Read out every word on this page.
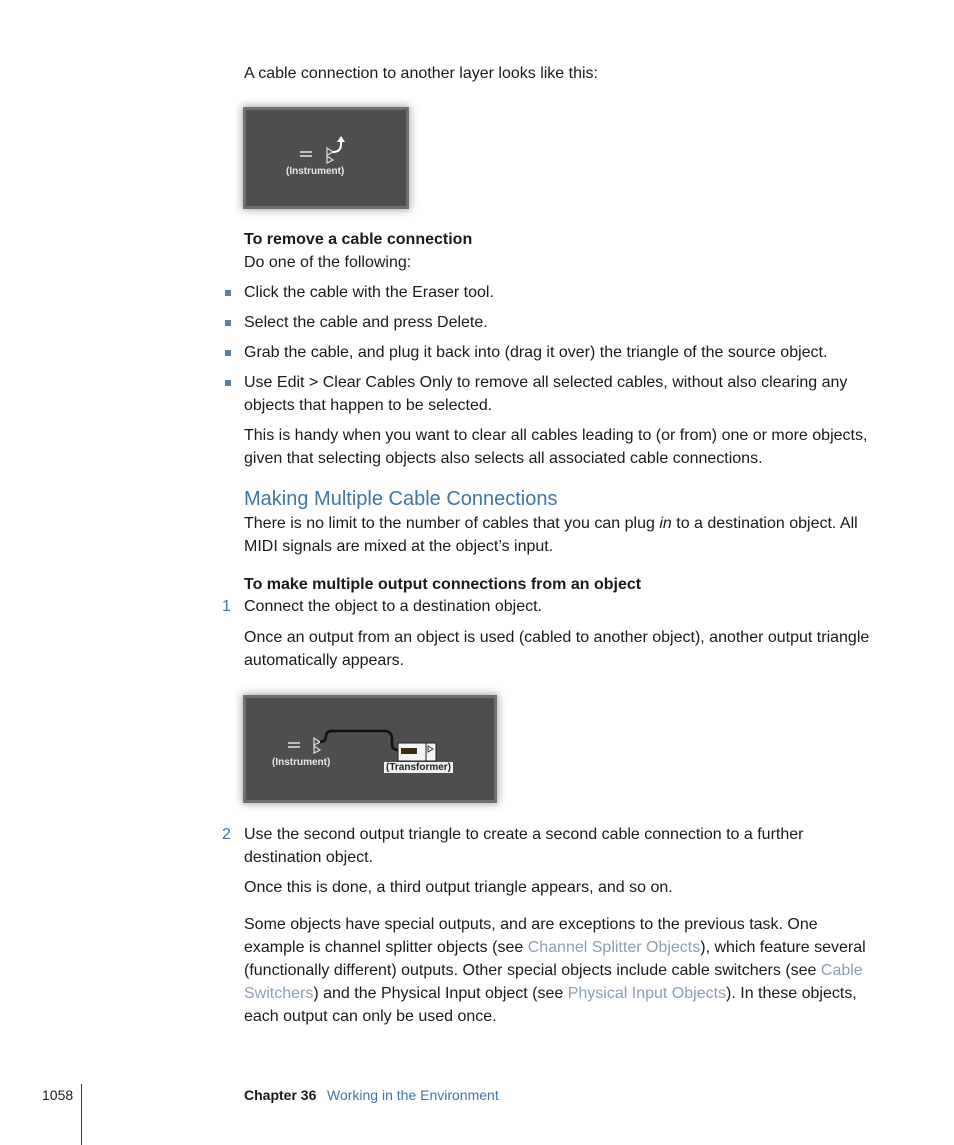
A cable connection to another layer looks like this:

(Instrument)

To remove a cable connection

Do one of the following:

Click the cable with the Eraser tool.

Select the cable and press Delete.

Grab the cable, and plug it back into (drag it over) the triangle of the source object.

Use Edit > Clear Cables Only to remove all selected cables, without also clearing any objects that happen to be selected.

This is handy when you want to clear all cables leading to (or from) one or more objects, given that selecting objects also selects all associated cable connections.

Making Multiple Cable Connections

There is no limit to the number of cables that you can plug in to a destination object. All MIDI signals are mixed at the object’s input.

To make multiple output connections from an object

1 Connect the object to a destination object.

Once an output from an object is used (cabled to another object), another output triangle automatically appears.

(Instrument)	(Transformer)
2 Use the second output triangle to create a second cable connection to a further destination object.

Once this is done, a third output triangle appears, and so on.

Some objects have special outputs, and are exceptions to the previous task. One example is channel splitter objects (see Channel Splitter Objects), which feature several (functionally different) outputs. Other special objects include cable switchers (see Cable Switchers) and the Physical Input object (see Physical Input Objects). In these objects, each output can only be used once.

1058	Chapter 36 Working in the Environment
